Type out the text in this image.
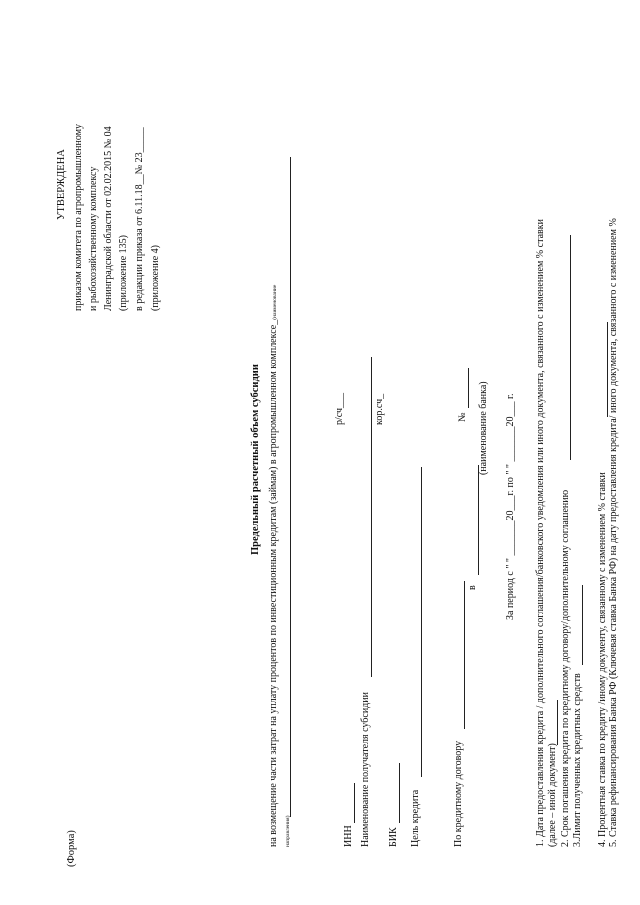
(Форма)
УТВЕРЖДЕНА приказом комитета по агропромышленному и рыбохозяйственному комплексу Ленинградской области от 02.02.2015 № 04 (приложение 135) в редакции приказа от 6.11.18__№ 23_____ (приложение 4)
Предельный расчетный объем субсидии на возмещение части затрат на уплату процентов по инвестиционным кредитам (займам) в агропромышленном комплексе_(наименование
направления)	ИНН
р/сч___
Наименование получателя субсидии БИК
кор.сч_
Цель кредита	По кредитному договору
в
№ (наименование банка) За период с " " _______20___г. по " " _______20___ г. 1. Дата предоставления кредита / дополнительного соглашения/банковского уведомления или иного документа, связанного с изменением % ставки (далее – иной документ) 2. Срок погашения кредита по кредитному договору/дополнительному соглашению 3.Лимит полученных кредитных средств 4. Процентная ставка по кредиту /иному документу, связанному с изменением % ставки 5. Ставка рефинансирования Банка РФ (Ключевая ставка Банка РФ) на дату предоставления кредита/ иного документа, связанного с изменением %
